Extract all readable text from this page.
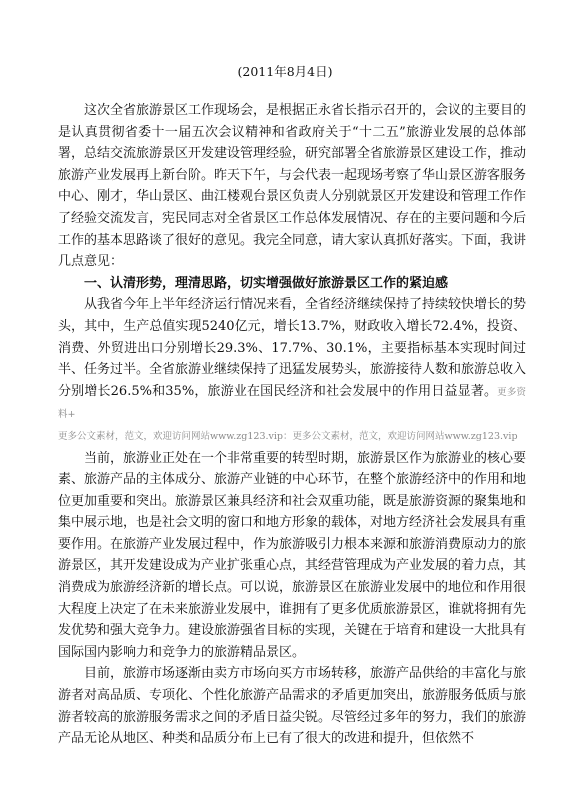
(2011年8月4日)

这次全省旅游景区工作现场会，是根据正永省长指示召开的，会议的主要目的是认真贯彻省委十一届五次会议精神和省政府关于“十二五”旅游业发展的总体部署，总结交流旅游景区开发建设管理经验，研究部署全省旅游景区建设工作，推动旅游产业发展再上新台阶。昨天下午，与会代表一起现场考察了华山景区游客服务中心、刚才，华山景区、曲江楼观台景区负责人分别就景区开发建设和管理工作作了经验交流发言，宪民同志对全省景区工作总体发展情况、存在的主要问题和今后工作的基本思路谈了很好的意见。我完全同意，请大家认真抓好落实。下面，我讲几点意见：

一、认清形势，理清思路，切实增强做好旅游景区工作的紧迫感

从我省今年上半年经济运行情况来看，全省经济继续保持了持续较快增长的势头，其中，生产总值实现5240亿元，增长13.7%，财政收入增长72.4%，投资、消费、外贸进出口分别增长29.3%、17.7%、30.1%，主要指标基本实现时间过半、任务过半。全省旅游业继续保持了迅猛发展势头，旅游接待人数和旅游总收入分别增长26.5%和35%，旅游业在国民经济和社会发展中的作用日益显著。更多资料+

更多公文素材，范文，欢迎访问网站www.zg123.vip：更多公文素材，范文，欢迎访问网站www.zg123.vip

当前，旅游业正处在一个非常重要的转型时期，旅游景区作为旅游业的核心要素、旅游产品的主体成分、旅游产业链的中心环节，在整个旅游经济中的作用和地位更加重要和突出。旅游景区兼具经济和社会双重功能，既是旅游资源的聚集地和集中展示地，也是社会文明的窗口和地方形象的载体，对地方经济社会发展具有重要作用。在旅游产业发展过程中，作为旅游吸引力根本来源和旅游消费原动力的旅游景区，其开发建设成为产业扩张重心点，其经营管理成为产业发展的着力点，其消费成为旅游经济新的增长点。可以说，旅游景区在旅游业发展中的地位和作用很大程度上决定了在未来旅游业发展中，谁拥有了更多优质旅游景区，谁就将拥有先发优势和强大竞争力。建设旅游强省目标的实现，关键在于培育和建设一大批具有国际国内影响力和竞争力的旅游精品景区。

目前，旅游市场逐渐由卖方市场向买方市场转移，旅游产品供给的丰富化与旅游者对高品质、专项化、个性化旅游产品需求的矛盾更加突出，旅游服务低质与旅游者较高的旅游服务需求之间的矛盾日益尖锐。尽管经过多年的努力，我们的旅游产品无论从地区、种类和品质分布上已有了很大的改进和提升，但依然不
